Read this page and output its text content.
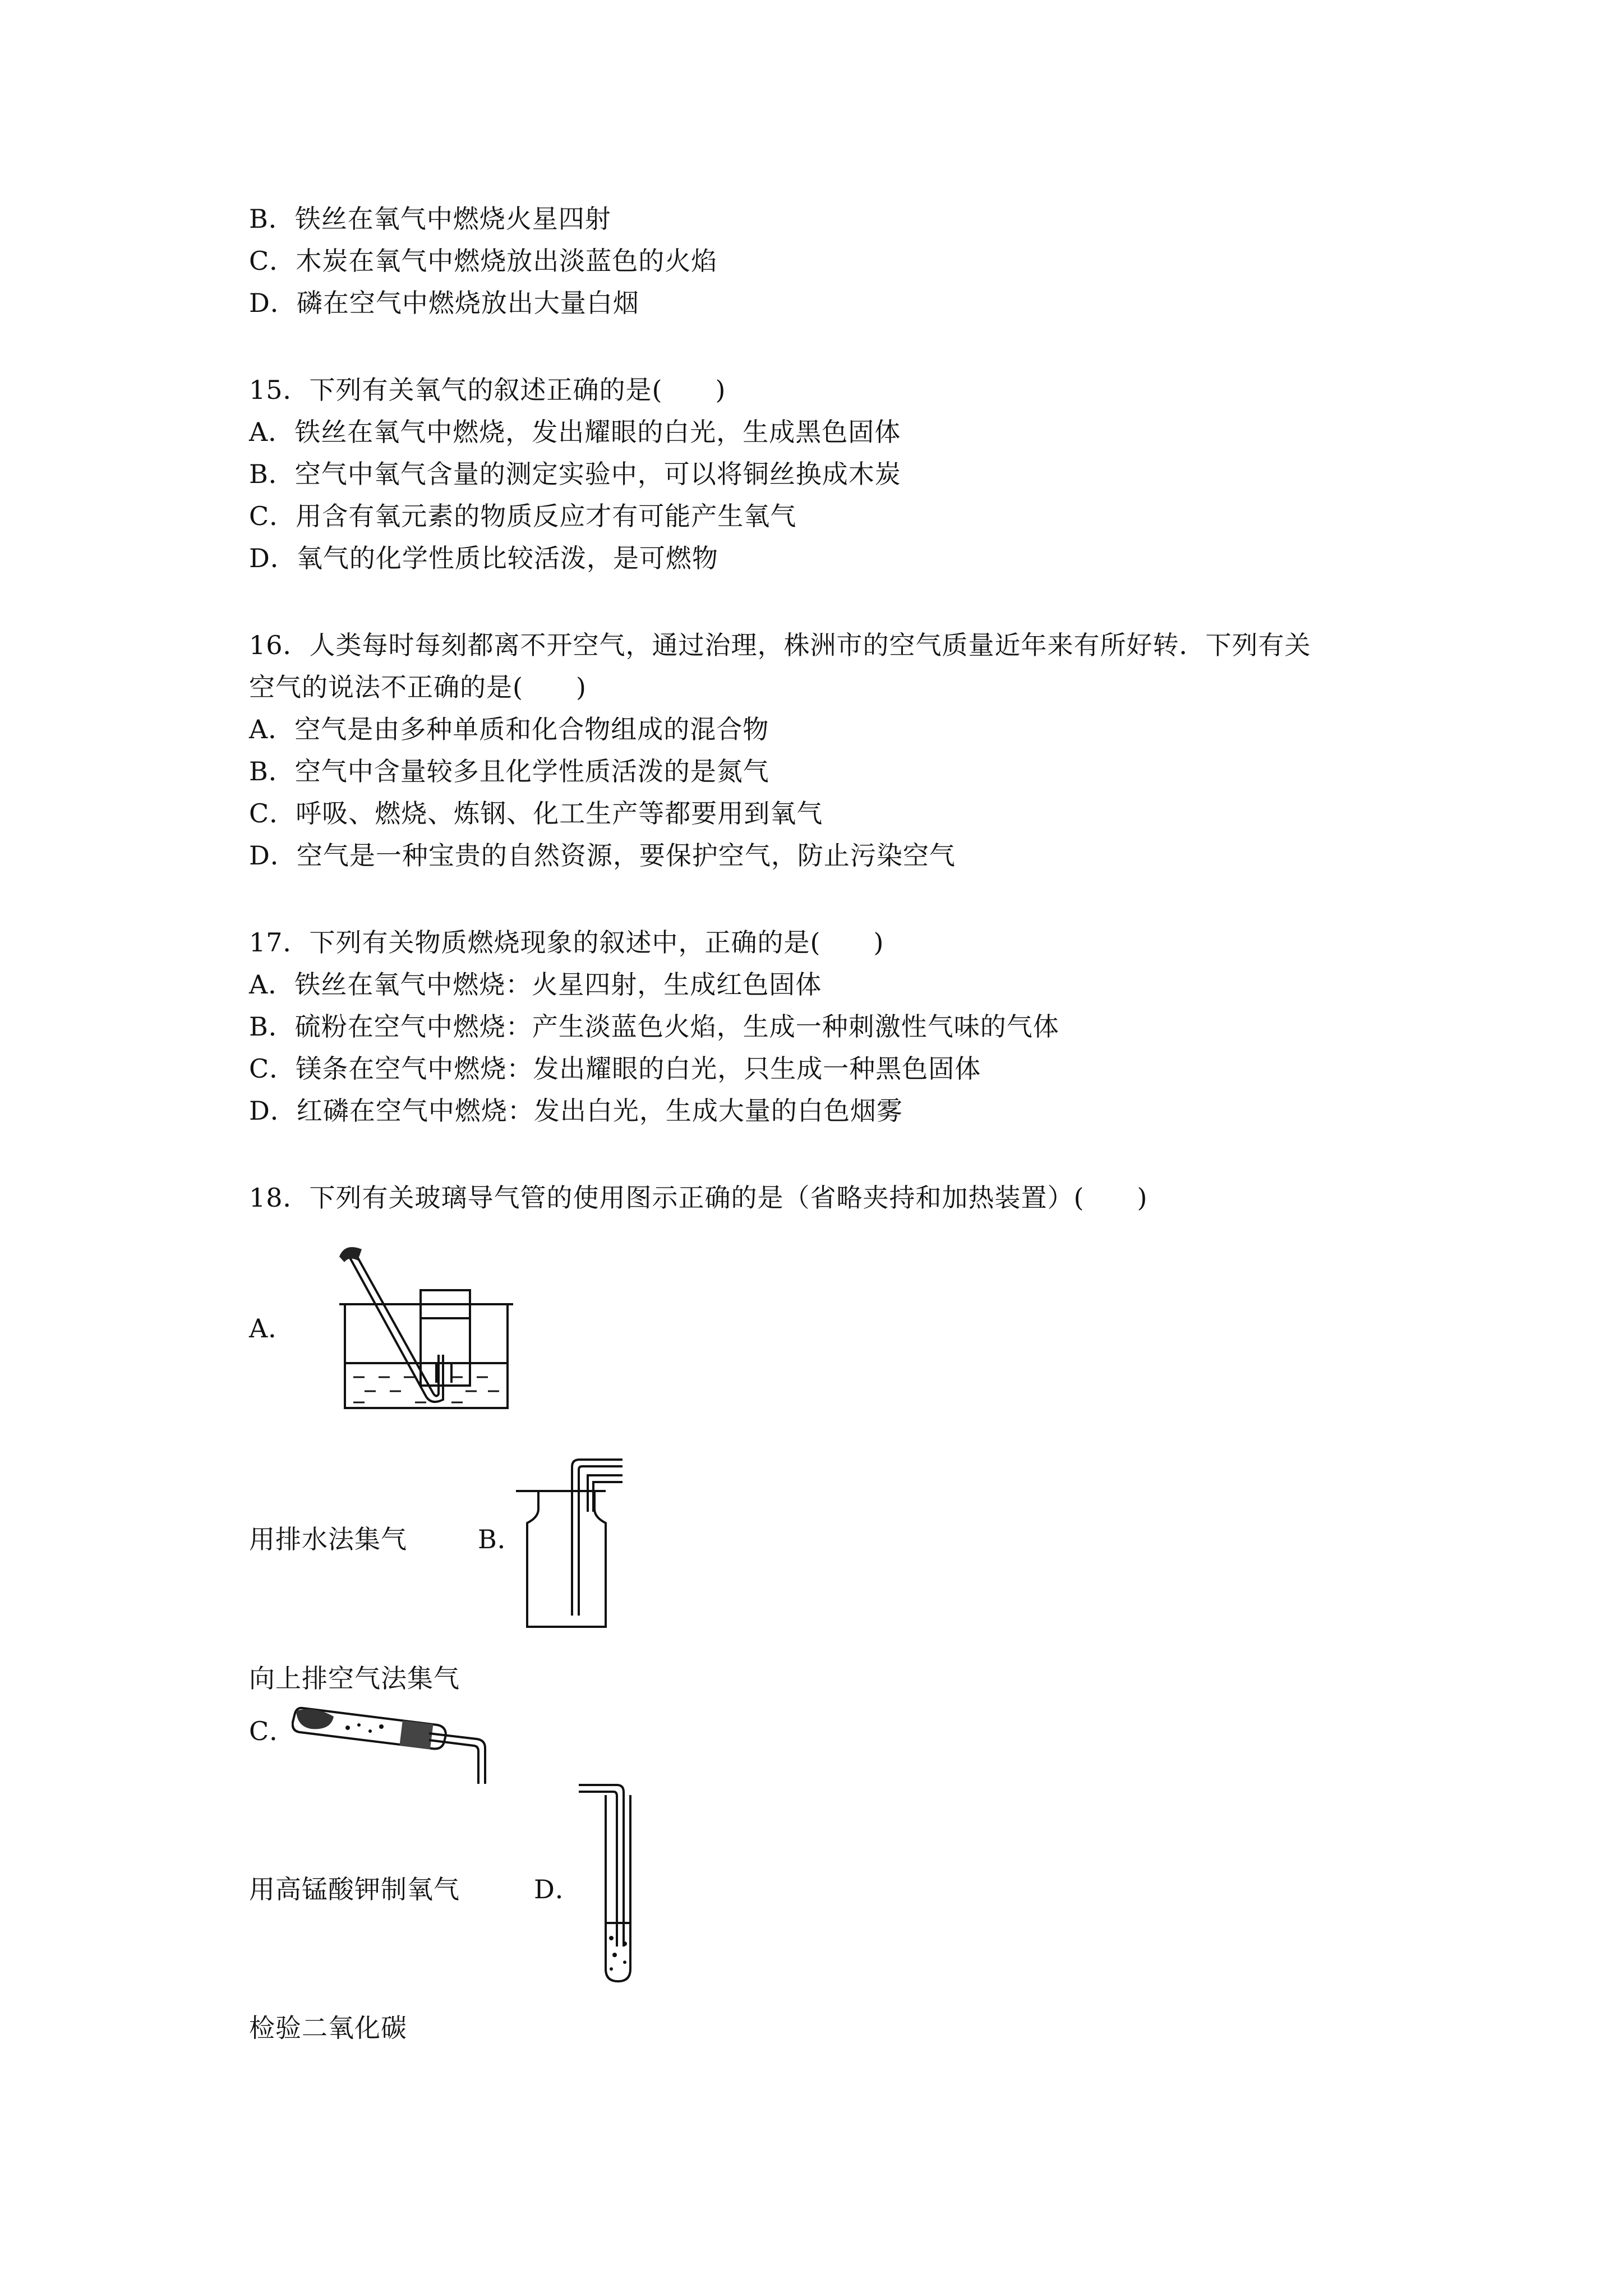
B．铁丝在氧气中燃烧火星四射
C．木炭在氧气中燃烧放出淡蓝色的火焰
D．磷在空气中燃烧放出大量白烟
15．下列有关氧气的叙述正确的是(　　)
A．铁丝在氧气中燃烧，发出耀眼的白光，生成黑色固体
B．空气中氧气含量的测定实验中，可以将铜丝换成木炭
C．用含有氧元素的物质反应才有可能产生氧气
D．氧气的化学性质比较活泼，是可燃物
16．人类每时每刻都离不开空气，通过治理，株洲市的空气质量近年来有所好转．下列有关
空气的说法不正确的是(　　)
A．空气是由多种单质和化合物组成的混合物
B．空气中含量较多且化学性质活泼的是氮气
C．呼吸、燃烧、炼钢、化工生产等都要用到氧气
D．空气是一种宝贵的自然资源，要保护空气，防止污染空气
17．下列有关物质燃烧现象的叙述中，正确的是(　　)
A．铁丝在氧气中燃烧：火星四射，生成红色固体
B．硫粉在空气中燃烧：产生淡蓝色火焰，生成一种刺激性气味的气体
C．镁条在空气中燃烧：发出耀眼的白光，只生成一种黑色固体
D．红磷在空气中燃烧：发出白光，生成大量的白色烟雾
18．下列有关玻璃导气管的使用图示正确的是（省略夹持和加热装置）(　　)
A．
用排水法集气	B．
向上排空气法集气
C．
用高锰酸钾制氧气	D．
检验二氧化碳
